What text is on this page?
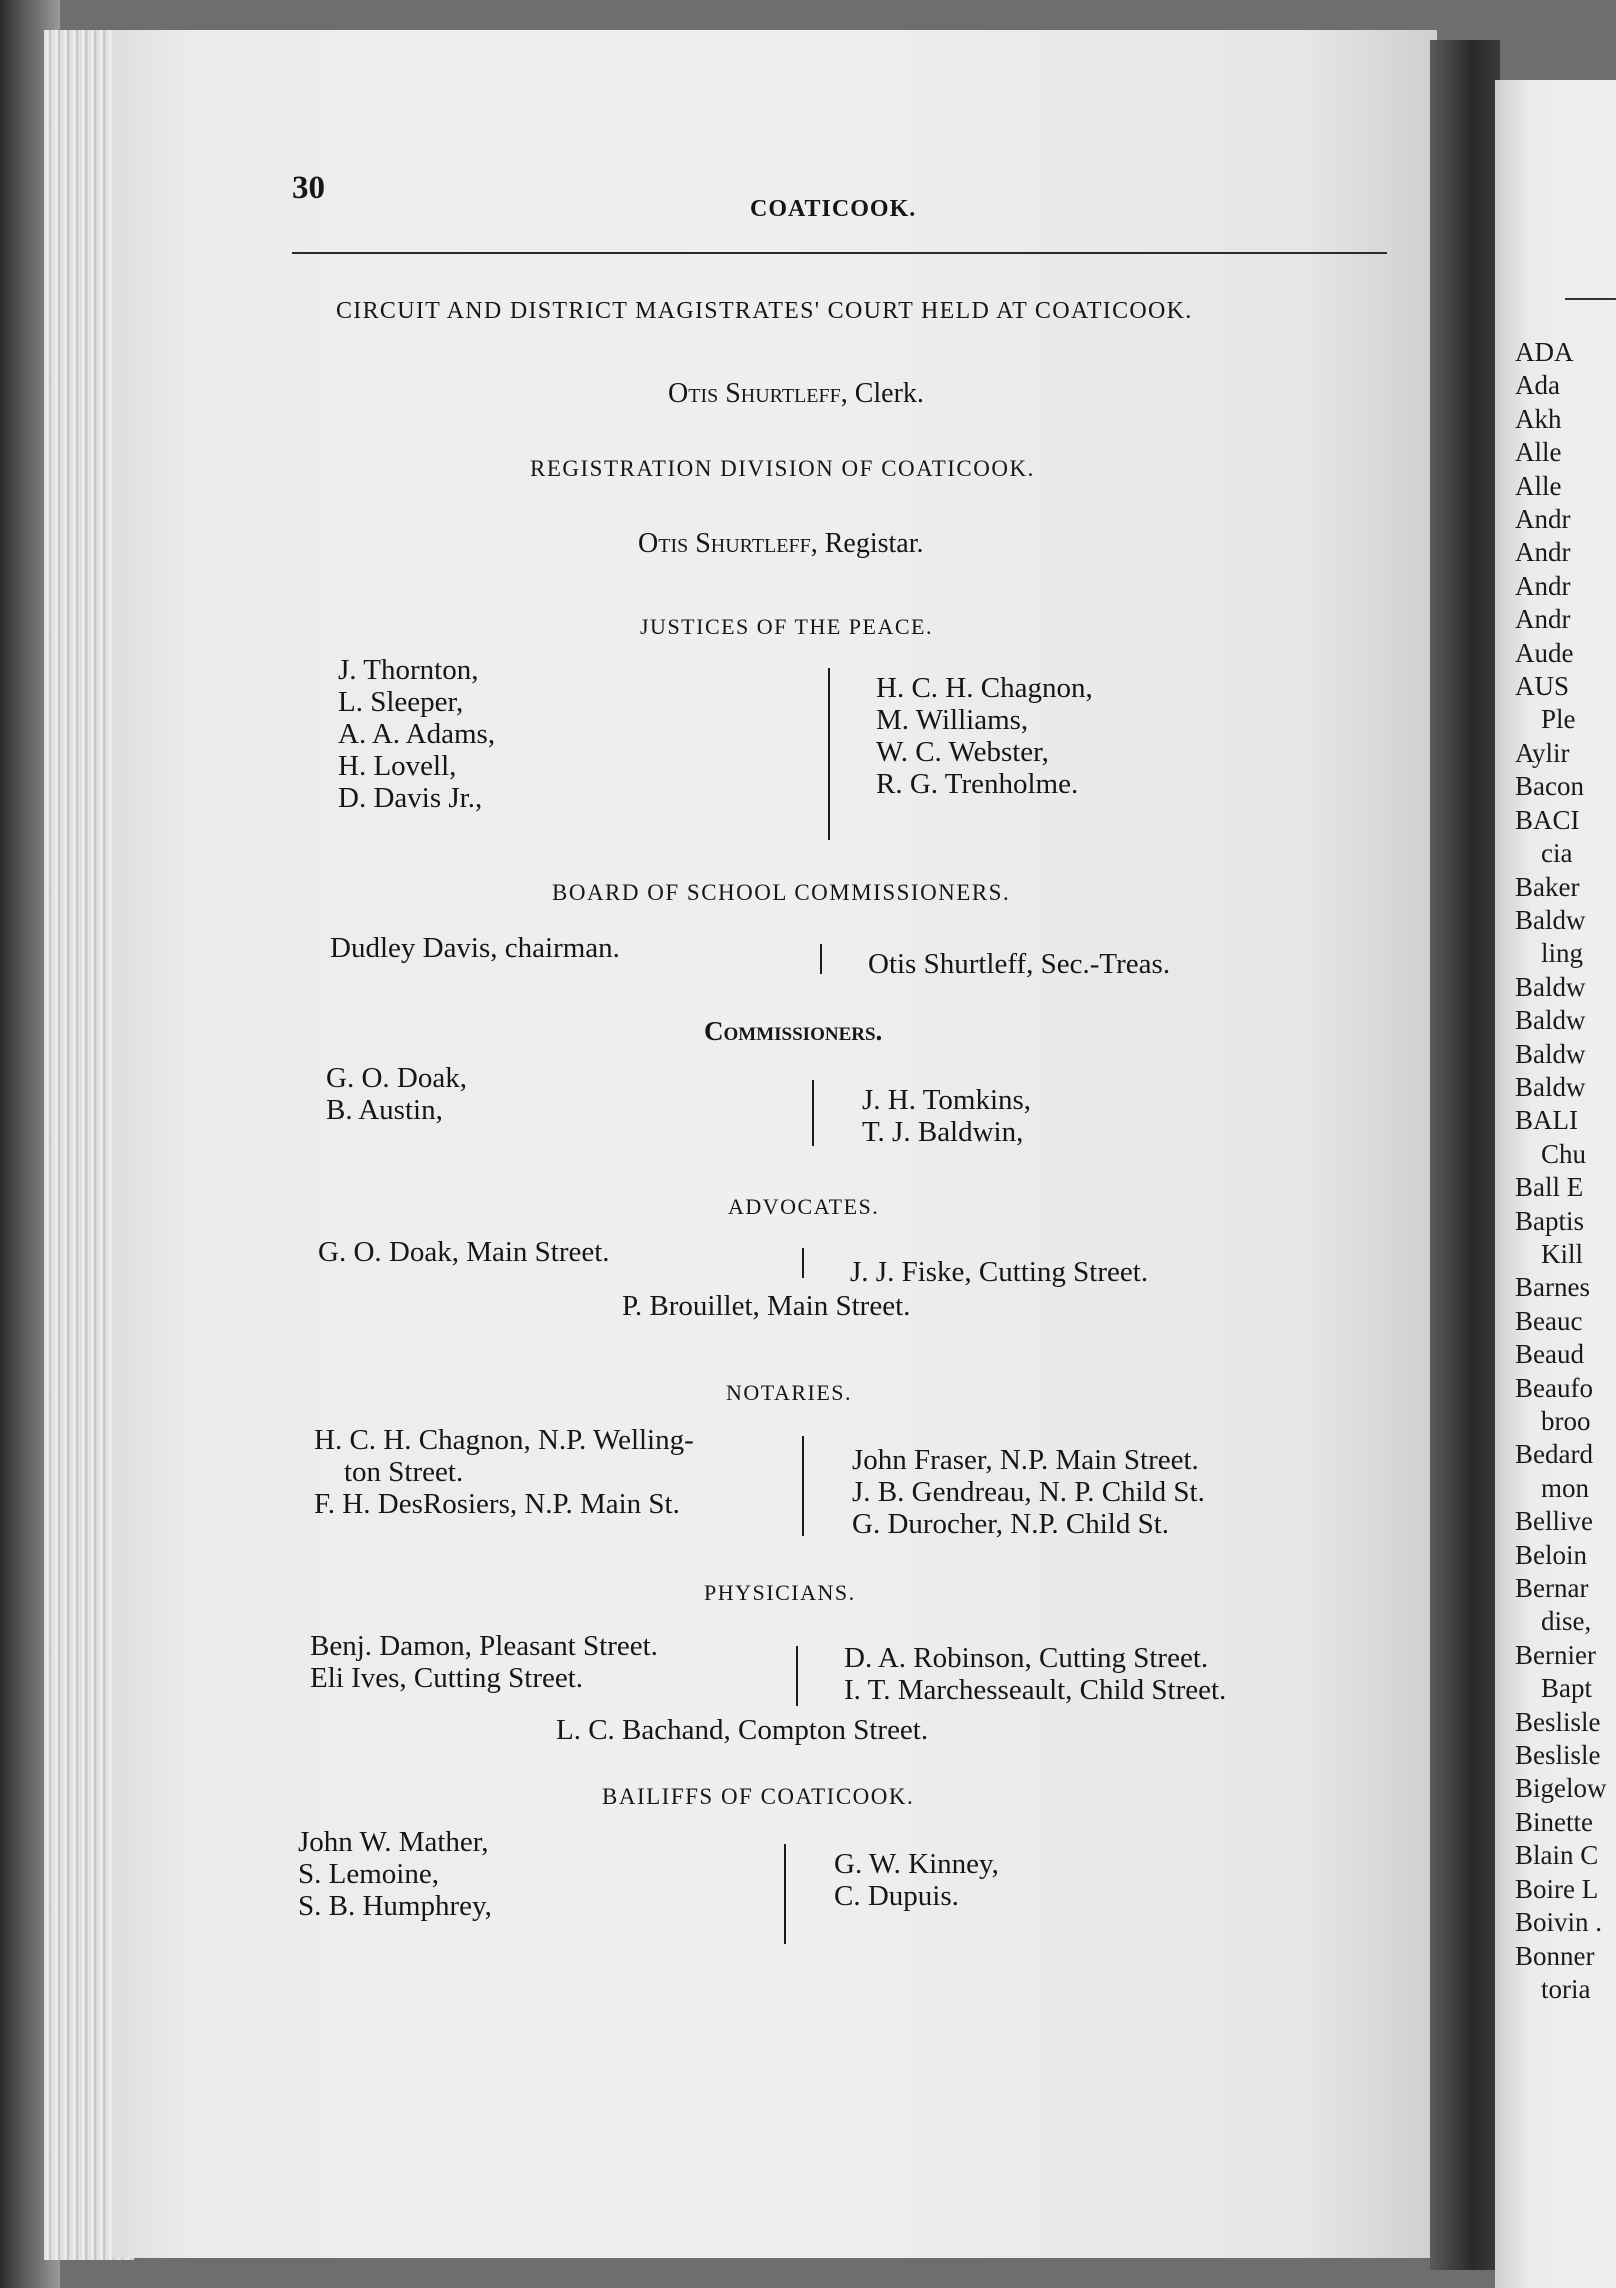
ADA
Ada
Akh
Alle
Alle
Andr
Andr
Andr
Andr
Aude
AUS
Ple
Aylir
Bacon
BACI
cia
Baker
Baldw
ling
Baldw
Baldw
Baldw
Baldw
BALI
Chu
Ball E
Baptis
Kill
Barnes
Beauc
Beaud
Beaufo
broo
Bedard
mon
Bellive
Beloin
Bernar
dise,
Bernier
Bapt
Beslisle
Beslisle
Bigelow
Binette
Blain C
Boire L
Boivin .
Bonner
toria
30
COATICOOK.
CIRCUIT AND DISTRICT MAGISTRATES' COURT HELD AT COATICOOK.
Otis Shurtleff, Clerk.
REGISTRATION DIVISION OF COATICOOK.
Otis Shurtleff, Registar.
JUSTICES OF THE PEACE.
J. Thornton,
L. Sleeper,
A. A. Adams,
H. Lovell,
D. Davis Jr.,
H. C. H. Chagnon,
M. Williams,
W. C. Webster,
R. G. Trenholme.
BOARD OF SCHOOL COMMISSIONERS.
Dudley Davis, chairman.	Otis Shurtleff, Sec.-Treas.
Commissioners.
G. O. Doak,
B. Austin,	J. H. Tomkins,
T. J. Baldwin,
ADVOCATES.
G. O. Doak, Main Street.
J. J. Fiske, Cutting Street.
P. Brouillet, Main Street.
NOTARIES.
H. C. H. Chagnon, N.P. Welling-
ton Street.
F. H. DesRosiers, N.P. Main St.
John Fraser, N.P. Main Street.
J. B. Gendreau, N. P. Child St.
G. Durocher, N.P. Child St.
PHYSICIANS.
Benj. Damon, Pleasant Street.
Eli Ives, Cutting Street.
D. A. Robinson, Cutting Street.
I. T. Marchesseault, Child Street.
L. C. Bachand, Compton Street.
BAILIFFS OF COATICOOK.
John W. Mather,
S. Lemoine,
S. B. Humphrey,
G. W. Kinney,
C. Dupuis.
